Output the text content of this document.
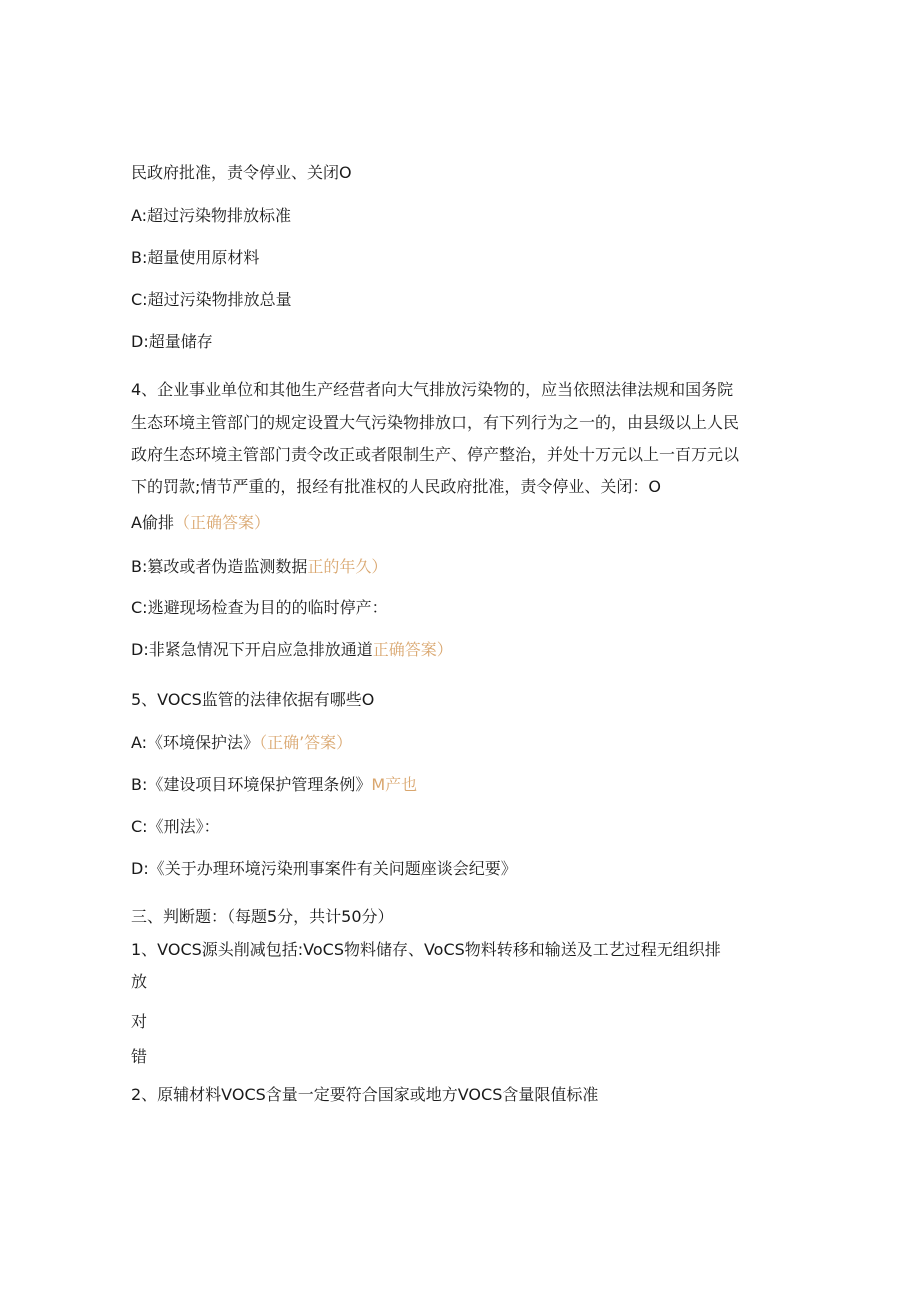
民政府批准，责令停业、关闭O
A:超过污染物排放标准
B:超量使用原材料
C:超过污染物排放总量
D:超量储存
4、企业事业单位和其他生产经营者向大气排放污染物的，应当依照法律法规和国务院
生态环境主管部门的规定设置大气污染物排放口，有下列行为之一的，由县级以上人民
政府生态环境主管部门责令改正或者限制生产、停产整治，并处十万元以上一百万元以
下的罚款;情节严重的，报经有批准权的人民政府批准，责令停业、关闭：O
A偷排（正确答案）
B:篡改或者伪造监测数据正的年久）
C:逃避现场检查为目的的临时停产：
D:非紧急情况下开启应急排放通道正确答案）
5、VOCS监管的法律依据有哪些O
A:《环境保护法》（正确’答案）
B:《建设项目环境保护管理条例》M产也
C:《刑法》：
D:《关于办理环境污染刑事案件有关问题座谈会纪要》
三、判断题：（每题5分，共计50分）
1、VOCS源头削减包括:VoCS物料储存、VoCS物料转移和输送及工艺过程无组织排
放
对
错
2、原辅材料VOCS含量一定要符合国家或地方VOCS含量限值标准
